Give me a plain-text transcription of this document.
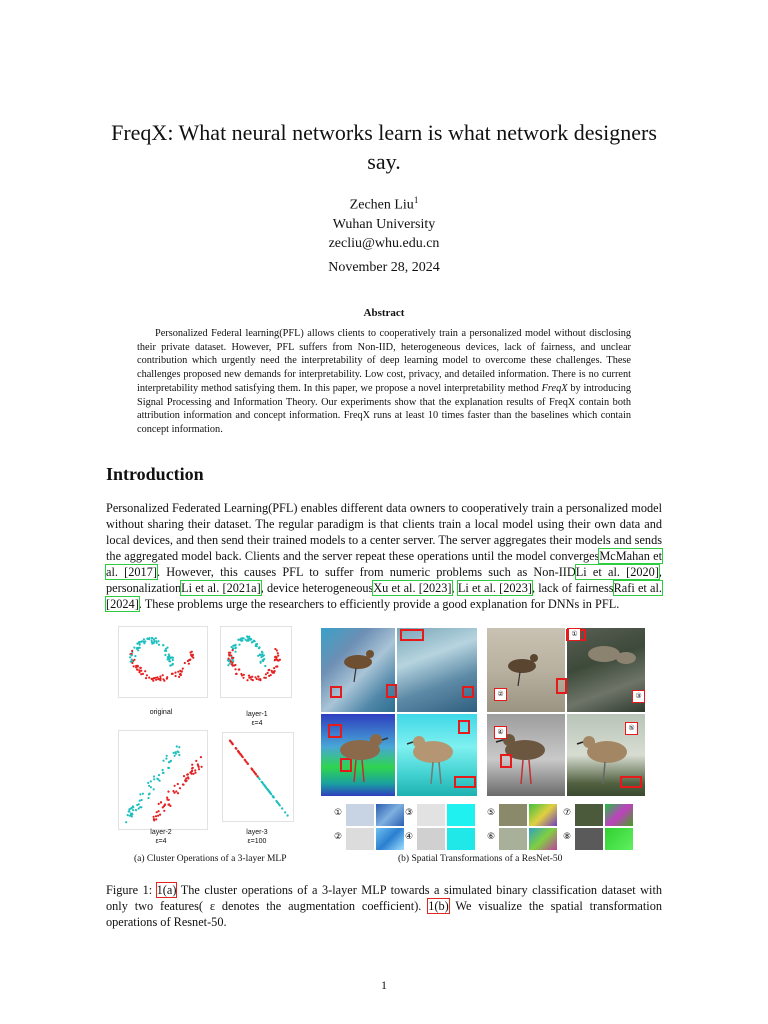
FreqX: What neural networks learn is what network designers say.
Zechen Liu$^1$
Wuhan University
zecliu@whu.edu.cn
November 28, 2024
Abstract
Personalized Federal learning(PFL) allows clients to cooperatively train a personalized model without disclosing their private dataset. However, PFL suffers from Non-IID, heterogeneous devices, lack of fairness, and unclear contribution which urgently need the interpretability of deep learning model to overcome these challenges. These challenges proposed new demands for interpretability. Low cost, privacy, and detailed information. There is no current interpretability method satisfying them. In this paper, we propose a novel interpretability method FreqX by introducing Signal Processing and Information Theory. Our experiments show that the explanation results of FreqX contain both attribution information and concept information. FreqX runs at least 10 times faster than the baselines which contain concept information.
Introduction
Personalized Federated Learning(PFL) enables different data owners to cooperatively train a personalized model without sharing their dataset. The regular paradigm is that clients train a local model using their own data and local devices, and then send their trained models to a center server. The server aggregates their models and sends the aggregated model back. Clients and the server repeat these operations until the model convergesMcMahan et al. [2017]. However, this causes PFL to suffer from numeric problems such as Non-IIDLi et al. [2020], personalizationLi et al. [2021a], device heterogeneousXu et al. [2023], Li et al. [2023], lack of fairnessRafi et al. [2024]. These problems urge the researchers to efficiently provide a good explanation for DNNs in PFL.
original	layer-1
ε=4
layer-2
ε=4
layer-3
ε=100
(a) Cluster Operations of a 3-layer MLP
①
②	③
④	⑤
①
②
③
④
⑤
⑥
⑦
⑧
(b) Spatial Transformations of a ResNet-50
Figure 1: 1(a) The cluster operations of a 3-layer MLP towards a simulated binary classification dataset with only two features( ε denotes the augmentation coefficient). 1(b) We visualize the spatial transformation operations of Resnet-50.
1
